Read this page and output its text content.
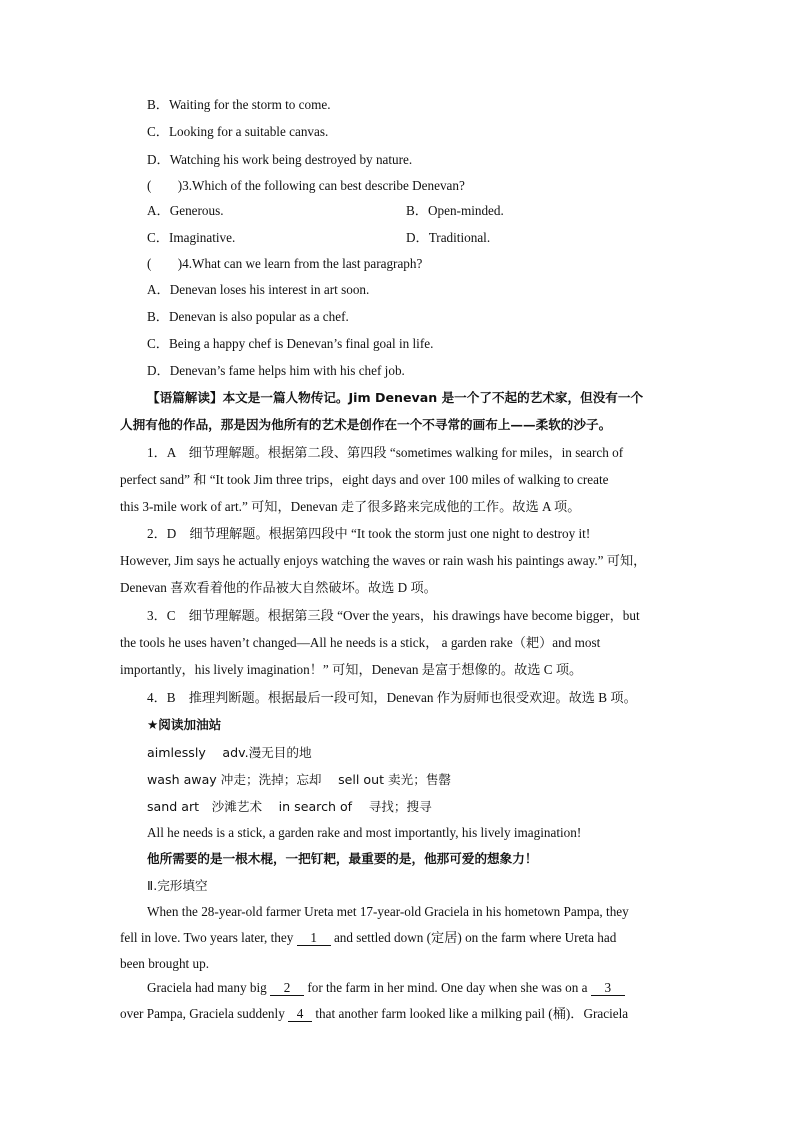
B．Waiting for the storm to come.
C．Looking for a suitable canvas.
D．Watching his work being destroyed by nature.
(　　)3.Which of the following can best describe Denevan?
A．Generous.	B．Open-minded.
C．Imaginative.	D．Traditional.
(　　)4.What can we learn from the last paragraph?
A．Denevan loses his interest in art soon.
B．Denevan is also popular as a chef.
C．Being a happy chef is Denevan’s final goal in life.
D．Denevan’s fame helps him with his chef job.
【语篇解读】本文是一篇人物传记。Jim Denevan 是一个了不起的艺术家，但没有一个
人拥有他的作品，那是因为他所有的艺术是创作在一个不寻常的画布上——柔软的沙子。
1．A　细节理解题。根据第二段、第四段 “sometimes walking for miles，in search of
perfect sand” 和 “It took Jim three trips，eight days and over 100 miles of walking to create
this 3-mile work of art.” 可知，Denevan 走了很多路来完成他的工作。故选 A 项。
2．D　细节理解题。根据第四段中 “It took the storm just one night to destroy it!
However, Jim says he actually enjoys watching the waves or rain wash his paintings away.” 可知，
Denevan 喜欢看着他的作品被大自然破坏。故选 D 项。
3．C　细节理解题。根据第三段 “Over the years，his drawings have become bigger，but
the tools he uses haven’t changed—All he needs is a stick， a garden rake（耙）and most
importantly，his lively imagination！” 可知，Denevan 是富于想像的。故选 C 项。
4．B　推理判断题。根据最后一段可知，Denevan 作为厨师也很受欢迎。故选 B 项。
★阅读加油站
aimlessly　 adv.漫无目的地
wash away 冲走；洗掉；忘却　 sell out 卖光；售罄
sand art　沙滩艺术　 in search of　 寻找；搜寻
All he needs is a stick, a garden rake and most importantly, his lively imagination!
他所需要的是一根木棍，一把钉耙，最重要的是，他那可爱的想象力！
Ⅱ.完形填空
When the 28-year-old farmer Ureta met 17-year-old Graciela in his hometown Pampa, they
fell in love. Two years later, they 1 and settled down (定居) on the farm where Ureta had
been brought up.
Graciela had many big 2 for the farm in her mind. One day when she was on a 3
over Pampa, Graciela suddenly 4 that another farm looked like a milking pail (桶)．Graciela
